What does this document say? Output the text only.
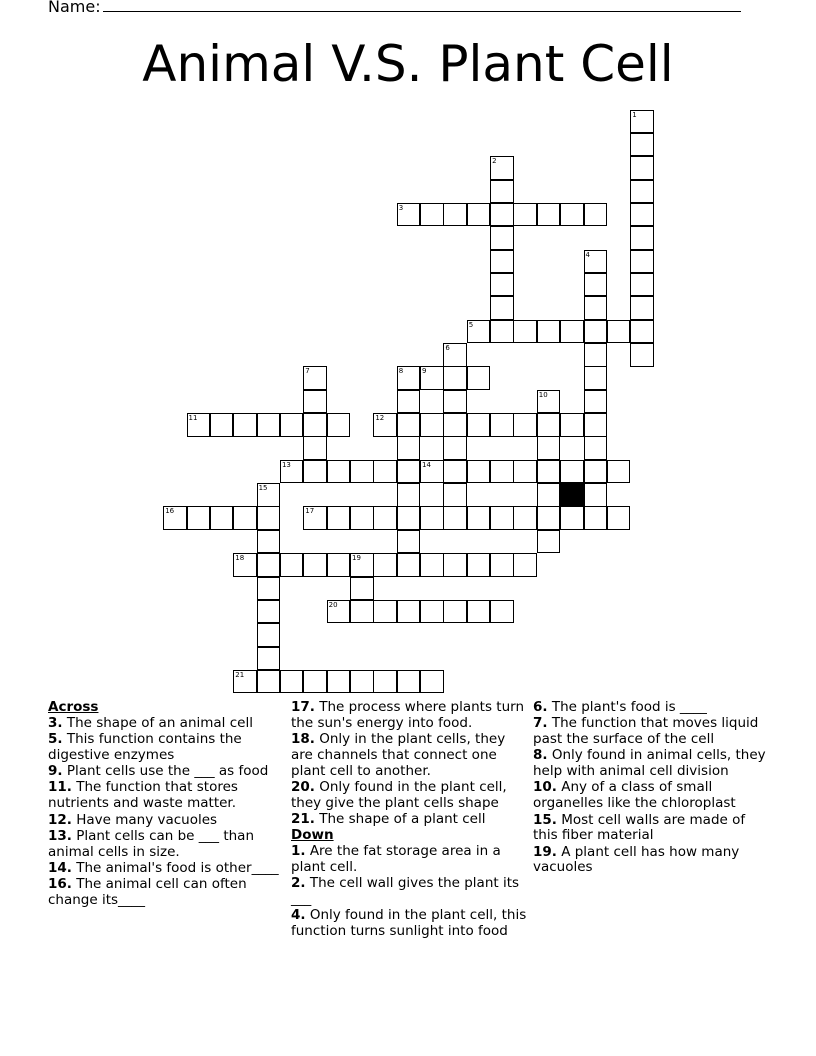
Name:
Animal V.S. Plant Cell
1
2
3
4
5
6
7	8	9
10
11	12
13	14
15
16	17
18	19
20
21
Across
3. The shape of an animal cell
5. This function contains the digestive enzymes
9. Plant cells use the ___ as food
11. The function that stores nutrients and waste matter.
12. Have many vacuoles
13. Plant cells can be ___ than animal cells in size.
14. The animal's food is other____
16. The animal cell can often change its____
17. The process where plants turn the sun's energy into food.
18. Only in the plant cells, they are channels that connect one plant cell to another.
20. Only found in the plant cell, they give the plant cells shape
21. The shape of a plant cell
Down
1. Are the fat storage area in a plant cell.
2. The cell wall gives the plant its ___
4. Only found in the plant cell, this function turns sunlight into food
6. The plant's food is ____
7. The function that moves liquid past the surface of the cell
8. Only found in animal cells, they help with animal cell division
10. Any of a class of small organelles like the chloroplast
15. Most cell walls are made of this fiber material
19. A plant cell has how many vacuoles
